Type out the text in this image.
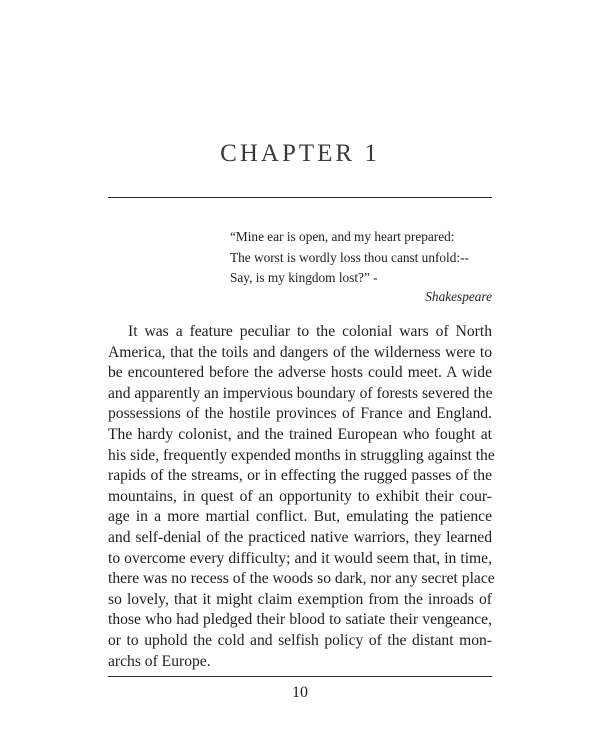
CHAPTER 1
“Mine ear is open, and my heart prepared:
The worst is wordly loss thou canst unfold:--
Say, is my kingdom lost?” -
Shakespeare
It was a feature peculiar to the colonial wars of North
America, that the toils and dangers of the wilderness were to
be encountered before the adverse hosts could meet. A wide
and apparently an impervious boundary of forests severed the
possessions of the hostile provinces of France and England.
The hardy colonist, and the trained European who fought at
his side, frequently expended months in struggling against the
rapids of the streams, or in effecting the rugged passes of the
mountains, in quest of an opportunity to exhibit their cour-
age in a more martial conflict. But, emulating the patience
and self-denial of the practiced native warriors, they learned
to overcome every difficulty; and it would seem that, in time,
there was no recess of the woods so dark, nor any secret place
so lovely, that it might claim exemption from the inroads of
those who had pledged their blood to satiate their vengeance,
or to uphold the cold and selfish policy of the distant mon-
archs of Europe.
10
